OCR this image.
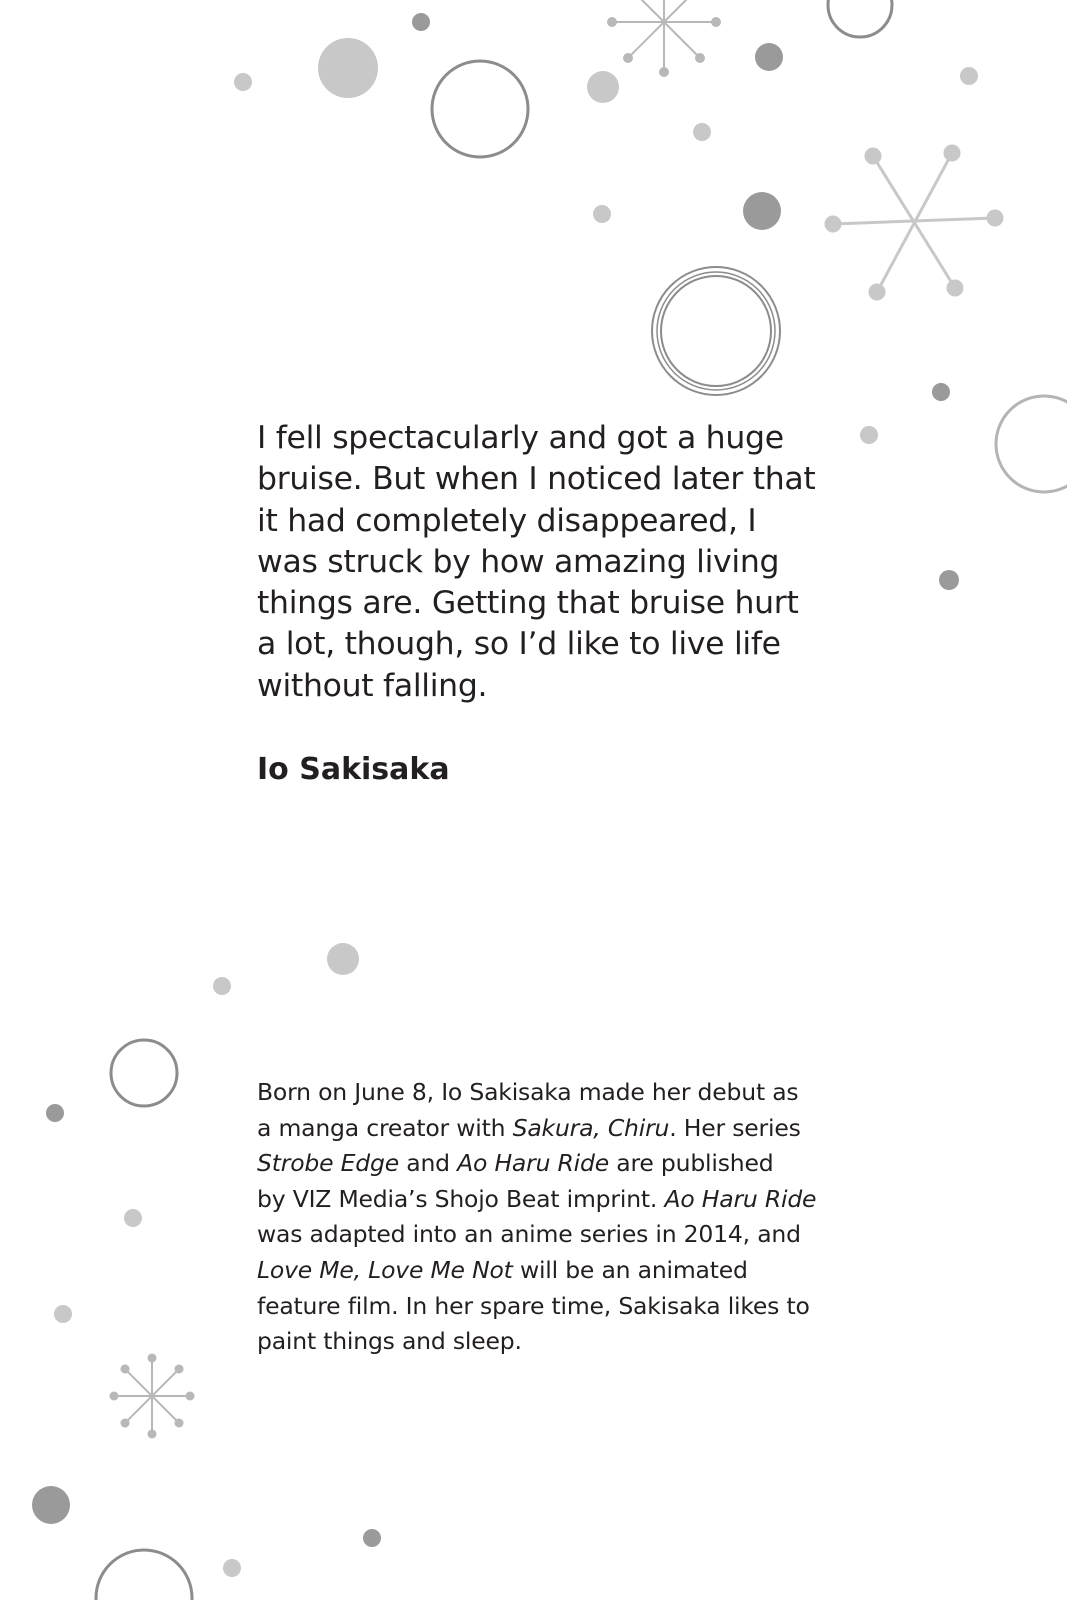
I fell spectacularly and got a huge
bruise. But when I noticed later that
it had completely disappeared, I
was struck by how amazing living
things are. Getting that bruise hurt
a lot, though, so I’d like to live life
without falling.
Io Sakisaka
Born on June 8, Io Sakisaka made her debut as
a manga creator with Sakura, Chiru. Her series
Strobe Edge and Ao Haru Ride are published
by VIZ Media’s Shojo Beat imprint. Ao Haru Ride
was adapted into an anime series in 2014, and
Love Me, Love Me Not will be an animated
feature film. In her spare time, Sakisaka likes to
paint things and sleep.
